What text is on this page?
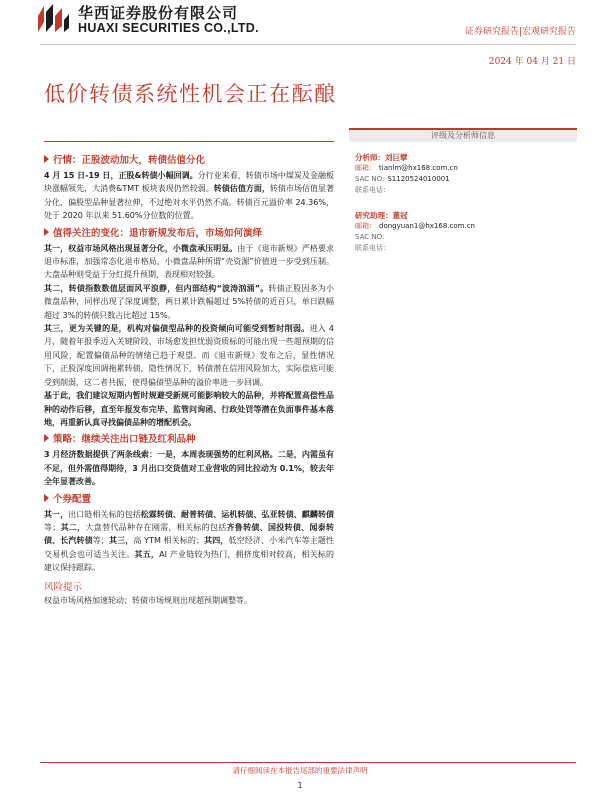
华西证券股份有限公司
HUAXI SECURITIES CO.,LTD.	证券研究报告|宏观研究报告
2024 年 04 月 21 日
低价转债系统性机会正在酝酿
行情：正股波动加大，转债估值分化

4 月 15 日-19 日，正股&转债小幅回调。分行业来看，转债市场中煤炭及金融板块涨幅领先，大消费&TMT 板块表现仍然较弱。转债估值方面，转债市场估值显著分化，偏股型品种显著拉伸，不过绝对水平仍然不高。转债百元溢价率 24.36%，处于 2020 年以来 51.60%分位数的位置。

值得关注的变化：退市新规发布后，市场如何演绎

其一，权益市场风格出现显著分化，小微盘承压明显。由于《退市新规》严格要求退市标准，加强常态化退市格局，小微盘品种所谓“壳资源”价值进一步受到压制。大盘品种则受益于分红提升预期，表现相对较强。

其二，转债指数数值层面风平浪静，但内部结构“波涛汹涌”。转债正股因多为小微盘品种，同样出现了深度调整，两日累计跌幅超过 5%转债的近百只，单日跌幅超过 3%的转债只数占比超过 15%。

其三，更为关键的是，机构对偏债型品种的投资倾向可能受到暂时削弱。进入 4 月，随着年报季迈入关键阶段，市场愈发担忧弱资质标的可能出现一些超预期的信用风险，配置偏债品种的情绪已趋于观望。而《退市新规》发布之后，显性情况下，正股深度回调拖累转债，隐性情况下，转债潜在信用风险加大，实际偿底可能受到削弱，这二者共振，使得偏债型品种的溢价率进一步回调。

基于此，我们建议短期内暂时规避受新规可能影响较大的品种，并将配置高偿性品种的动作后移，直至年报发布完毕、监管问询函、行政处罚等潜在负面事件基本落地，再重新认真寻找偏债品种的增配机会。

策略：继续关注出口链及红利品种

3 月经济数据提供了两条线索：一是，本周表现强势的红利风格。二是，内需虽有不足，但外需值得期待，3 月出口交货值对工业营收的同比拉动为 0.1%，较去年全年显著改善。

个券配置

其一，出口链相关标的包括松霖转债、耐普转债、运机转债、弘亚转债、麒麟转债等；其二，大盘替代品种存在刚需，相关标的包括齐鲁转债、国投转债、闻泰转债、长汽转债等；其三，高 YTM 相关标的；其四，低空经济、小米汽车等主题性交易机会也可适当关注。其五，AI 产业链较为热门，拥挤度相对较高，相关标的建议保持跟踪。

风险提示

权益市场风格加速轮动；转债市场规则出现超预期调整等。

评级及分析师信息
分析师：刘巨擘
邮箱： tianlm@hx168.com.cn
SAC NO: S1120524010001
联系电话：
研究助理：董冠
邮箱： dongyuan1@hx168.com.cn
SAC NO:
联系电话：
请仔细阅读在本报告尾部的重要法律声明
1
